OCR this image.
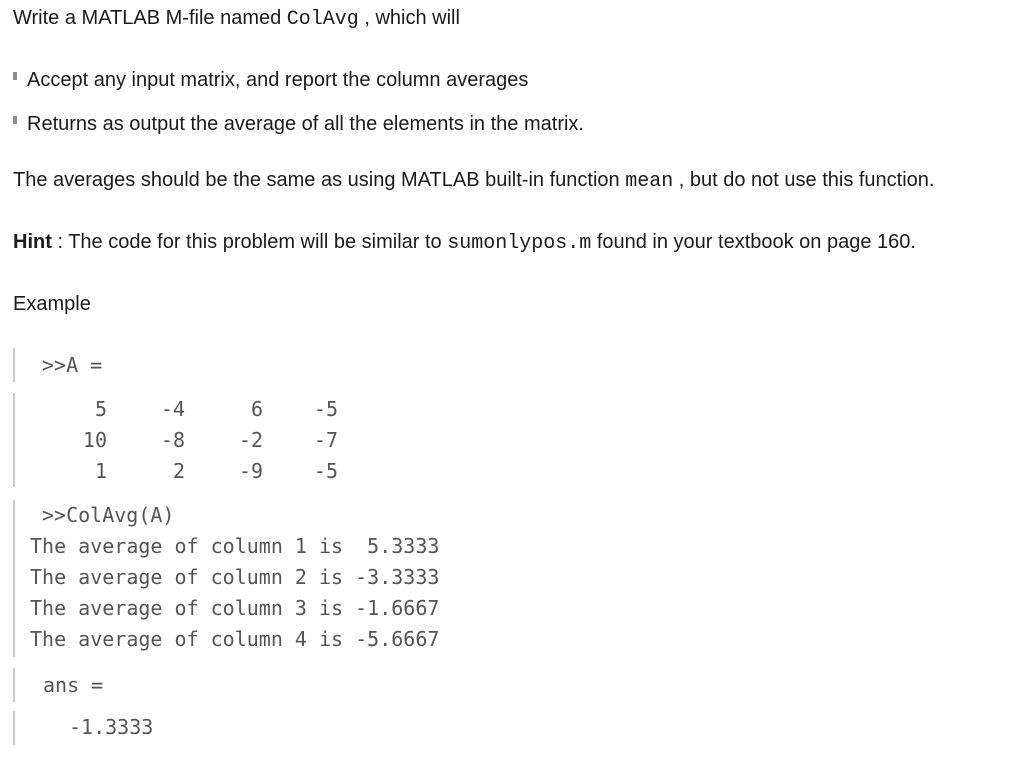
Write a MATLAB M-file named ColAvg , which will
Accept any input matrix, and report the column averages
Returns as output the average of all the elements in the matrix.
The averages should be the same as using MATLAB built-in function mean , but do not use this function.
Hint : The code for this problem will be similar to sumonlypos.m found in your textbook on page 160.
Example
>>A =
5	-4	6	-5
10	-8	-2	-7
1	2	-9	-5
>>ColAvg(A)
The average of column 1 is  5.3333
The average of column 2 is -3.3333
The average of column 3 is -1.6667
The average of column 4 is -5.6667
ans =
-1.3333
